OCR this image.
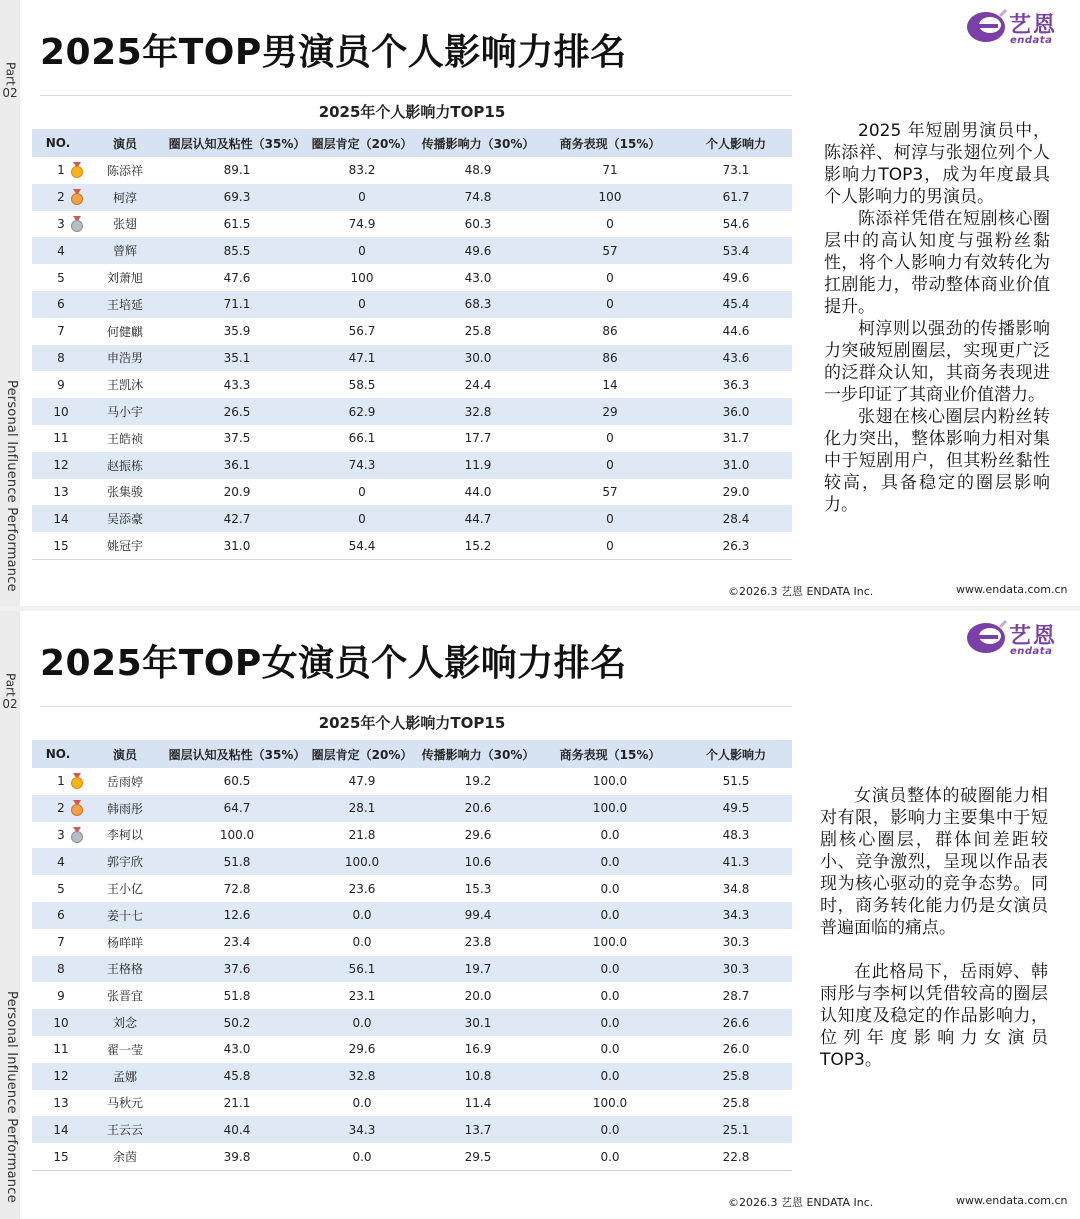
Part
02
Personal Influence Performance
2025年TOP男演员个人影响力排名
艺恩
endata
2025年个人影响力TOP15
NO.	演员	圈层认知及粘性（35%）	圈层肯定（20%）	传播影响力（30%）	商务表现（15%）	个人影响力
1	陈添祥	89.1	83.2	48.9	71	73.1
2	柯淳	69.3	0	74.8	100	61.7
3	张翅	61.5	74.9	60.3	0	54.6
4	曾辉	85.5	0	49.6	57	53.4
5	刘萧旭	47.6	100	43.0	0	49.6
6	王培延	71.1	0	68.3	0	45.4
7	何健麒	35.9	56.7	25.8	86	44.6
8	申浩男	35.1	47.1	30.0	86	43.6
9	王凯沐	43.3	58.5	24.4	14	36.3
10	马小宇	26.5	62.9	32.8	29	36.0
11	王皓祯	37.5	66.1	17.7	0	31.7
12	赵振栋	36.1	74.3	11.9	0	31.0
13	张集骏	20.9	0	44.0	57	29.0
14	吴添豪	42.7	0	44.7	0	28.4
15	姚冠宇	31.0	54.4	15.2	0	26.3

2025 年短剧男演员中，陈添祥、柯淳与张翅位列个人影响力TOP3，成为年度最具个人影响力的男演员。

陈添祥凭借在短剧核心圈层中的高认知度与强粉丝黏性，将个人影响力有效转化为扛剧能力，带动整体商业价值提升。

柯淳则以强劲的传播影响力突破短剧圈层，实现更广泛的泛群众认知，其商务表现进一步印证了其商业价值潜力。

张翅在核心圈层内粉丝转化力突出，整体影响力相对集中于短剧用户，但其粉丝黏性较高，具备稳定的圈层影响力。

©2026.3 艺恩 ENDATA Inc.	www.endata.com.cn
Part
02
Personal Influence Performance
2025年TOP女演员个人影响力排名
艺恩
endata
2025年个人影响力TOP15
NO.	演员	圈层认知及粘性（35%）	圈层肯定（20%）	传播影响力（30%）	商务表现（15%）	个人影响力
1	岳雨婷	60.5	47.9	19.2	100.0	51.5
2	韩雨彤	64.7	28.1	20.6	100.0	49.5
3	李柯以	100.0	21.8	29.6	0.0	48.3
4	郭宇欣	51.8	100.0	10.6	0.0	41.3
5	王小亿	72.8	23.6	15.3	0.0	34.8
6	姜十七	12.6	0.0	99.4	0.0	34.3
7	杨咩咩	23.4	0.0	23.8	100.0	30.3
8	王格格	37.6	56.1	19.7	0.0	30.3
9	张晋宜	51.8	23.1	20.0	0.0	28.7
10	刘念	50.2	0.0	30.1	0.0	26.6
11	翟一莹	43.0	29.6	16.9	0.0	26.0
12	孟娜	45.8	32.8	10.8	0.0	25.8
13	马秋元	21.1	0.0	11.4	100.0	25.8
14	王云云	40.4	34.3	13.7	0.0	25.1
15	余茵	39.8	0.0	29.5	0.0	22.8

女演员整体的破圈能力相对有限，影响力主要集中于短剧核心圈层，群体间差距较小、竞争激烈，呈现以作品表现为核心驱动的竞争态势。同时，商务转化能力仍是女演员普遍面临的痛点。

在此格局下，岳雨婷、韩雨彤与李柯以凭借较高的圈层认知度及稳定的作品影响力，位列年度影响力女演员TOP3。

©2026.3 艺恩 ENDATA Inc.	www.endata.com.cn
